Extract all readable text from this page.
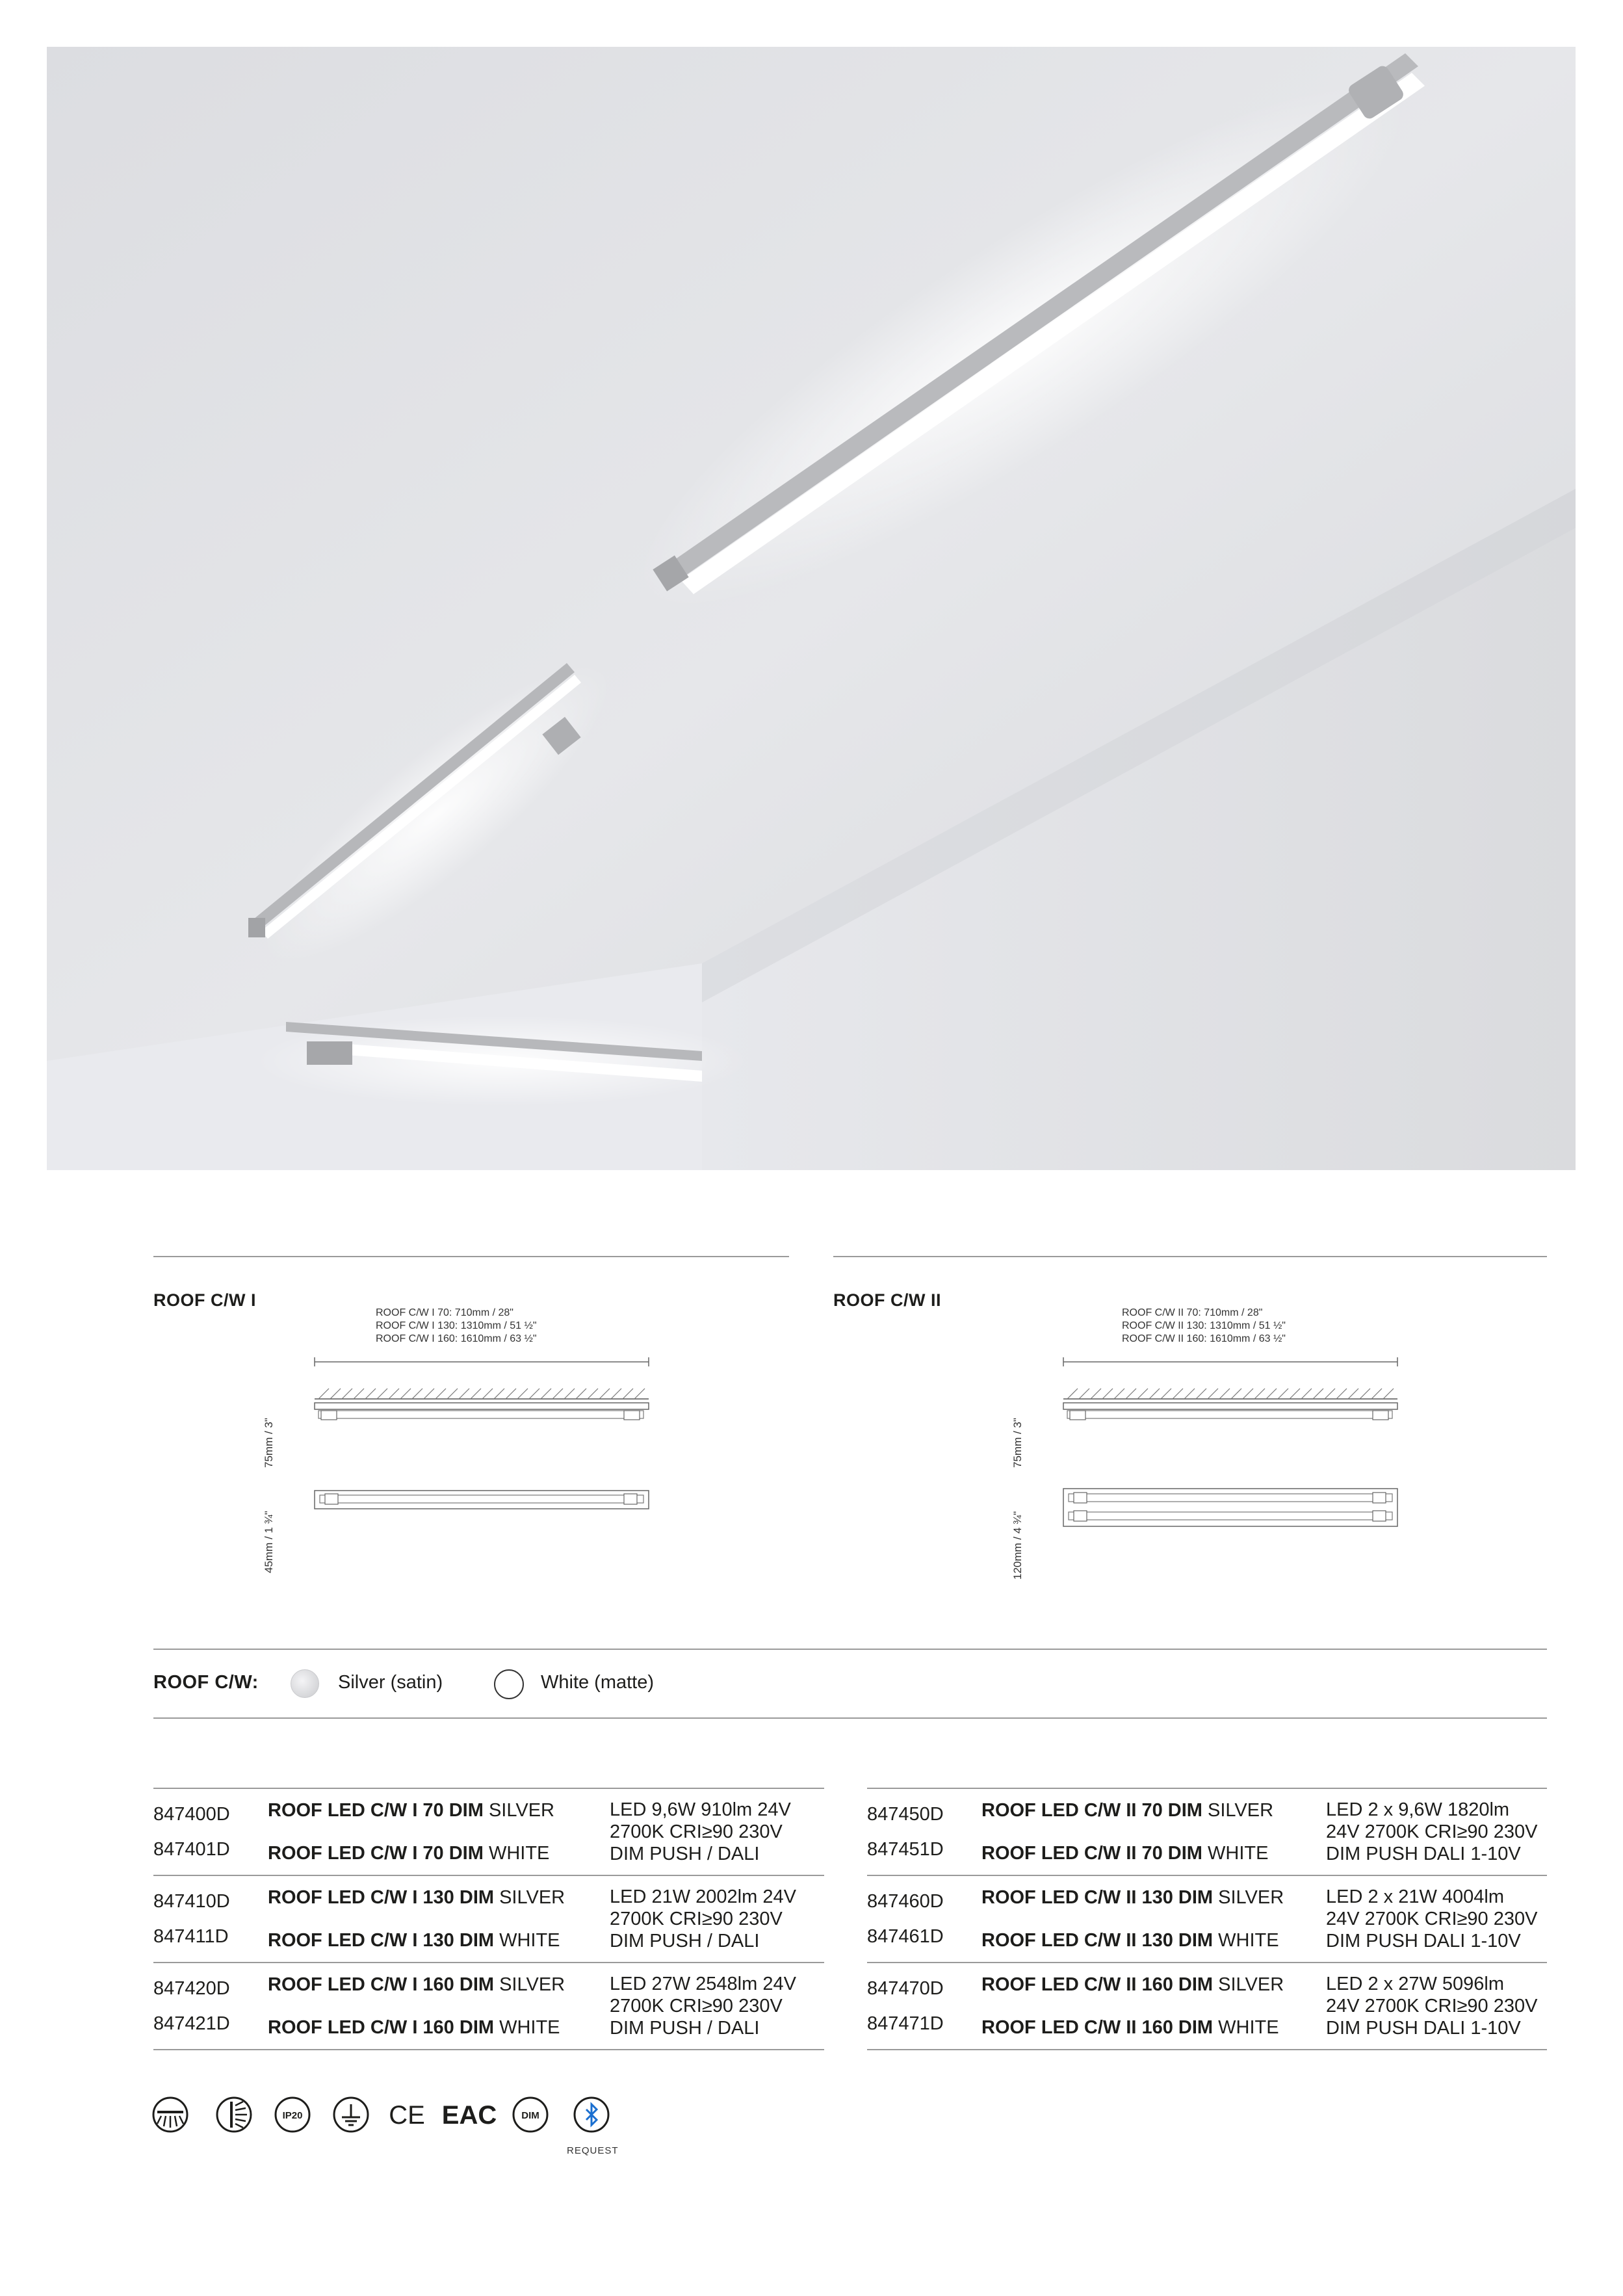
ROOF C/W I
ROOF C/W I 70: 710mm / 28"
ROOF C/W I 130: 1310mm / 51 ½"
ROOF C/W I 160: 1610mm / 63 ½"
75mm / 3"
45mm / 1 ¾"
ROOF C/W II
ROOF C/W II 70: 710mm / 28"
ROOF C/W II 130: 1310mm / 51 ½"
ROOF C/W II 160: 1610mm / 63 ½"
75mm / 3"
120mm / 4 ¾"
ROOF C/W:	Silver (satin)	White (matte)
847400D	ROOF LED C/W I 70 DIM SILVER	LED 9,6W 910lm 24V
2700K CRI≥90 230V
DIM PUSH / DALI

847401D	ROOF LED C/W I 70 DIM WHITE	
847410D	ROOF LED C/W I 130 DIM SILVER	LED 21W 2002lm 24V
2700K CRI≥90 230V
DIM PUSH / DALI

847411D	ROOF LED C/W I 130 DIM WHITE	
847420D	ROOF LED C/W I 160 DIM SILVER	LED 27W 2548lm 24V
2700K CRI≥90 230V
DIM PUSH / DALI

847421D	ROOF LED C/W I 160 DIM WHITE	
847450D	ROOF LED C/W II 70 DIM SILVER	LED 2 x 9,6W 1820lm
24V 2700K CRI≥90 230V
DIM PUSH DALI 1-10V

847451D	ROOF LED C/W II 70 DIM WHITE	
847460D	ROOF LED C/W II 130 DIM SILVER	LED 2 x 21W 4004lm
24V 2700K CRI≥90 230V
DIM PUSH DALI 1-10V

847461D	ROOF LED C/W II 130 DIM WHITE	
847470D	ROOF LED C/W II 160 DIM SILVER	LED 2 x 27W 5096lm
24V 2700K CRI≥90 230V
DIM PUSH DALI 1-10V

847471D	ROOF LED C/W II 160 DIM WHITE	
IP20	CE EAC	DIM
REQUEST
